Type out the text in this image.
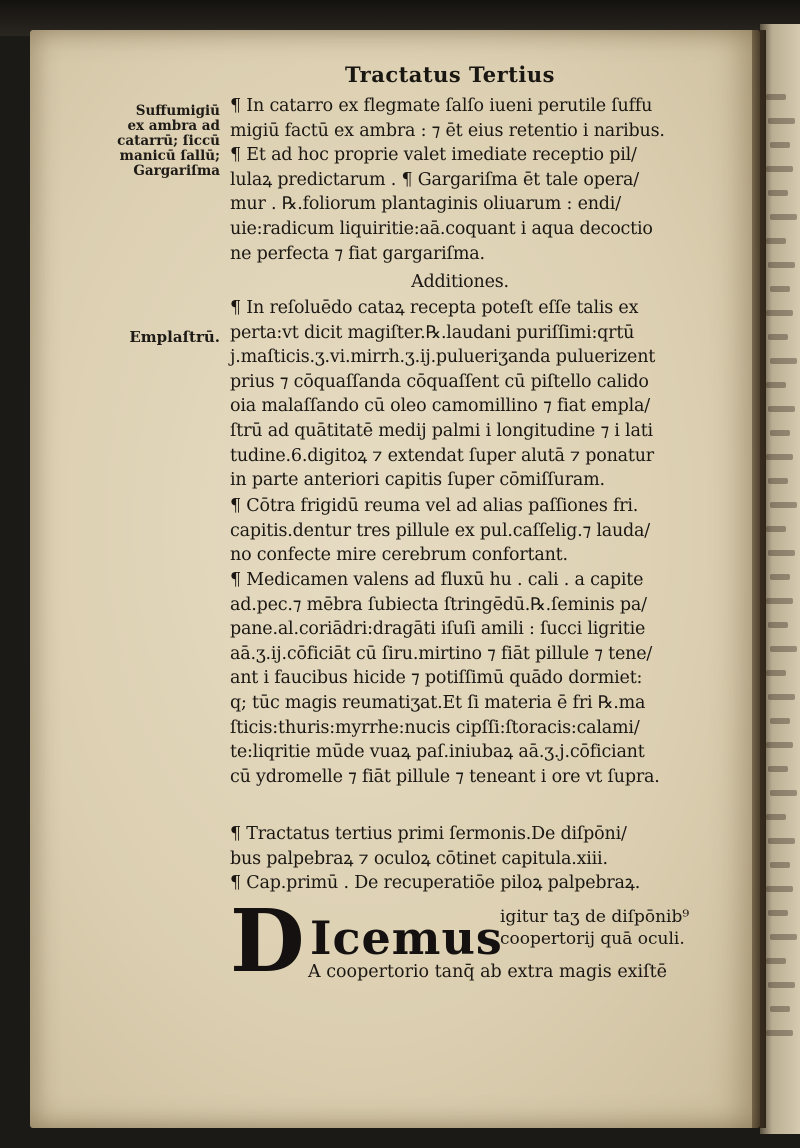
Tractatus Tertius
Suffumigiū
ex ambra ad
catarrū; ſiccū
manicū ſallū;
Gargariſma
Emplaſtrū.
¶ In catarro ex flegmate ſalſo iueni perutile ſuffu
migiū factū ex ambra : ⁊ ēt eius retentio i naribus.
¶ Et ad hoc proprie valet imediate receptio pil/
lulaꝝ predictarum . ¶ Gargariſma ēt tale opera/
mur . ℞.foliorum plantaginis oliuarum : endi/
uie:radicum liquiritie:aā.coquant i aqua decoctio
ne perfecta ⁊ fiat gargariſma.
Additiones.
¶ In reſoluēdo cataꝝ recepta poteſt eſſe talis ex
perta:vt dicit magiſter.℞.laudani puriſſimi:qrtū
j.maſticis.ʒ.vi.mirrh.ʒ.ij.pulueriʒanda puluerizent
prius ⁊ cōquaſſanda cōquaſſent cū piſtello calido
oia malaſſando cū oleo camomillino ⁊ fiat empla/
ſtrū ad quātitatē medij palmi i longitudine ⁊ i lati
tudine.6.digitoꝝ ⁊ extendat ſuper alutā ⁊ ponatur
in parte anteriori capitis ſuper cōmiſſuram.
¶ Cōtra frigidū reuma vel ad alias paſſiones fri.
capitis.dentur tres pillule ex pul.caſſelig.⁊ lauda/
no confecte mire cerebrum confortant.
¶ Medicamen valens ad fluxū hu . cali . a capite
ad.pec.⁊ mēbra ſubiecta ſtringēdū.℞.ſeminis pa/
pane.al.coriādri:dragāti iſuſi amili : ſucci ligritie
aā.ʒ.ij.cōficiāt cū ſiru.mirtino ⁊ fiāt pillule ⁊ tene/
ant i faucibus hicide ⁊ potiſſimū quādo dormiet:
q; tūc magis reumatiʒat.Et ſi materia ē fri ℞.ma
ſticis:thuris:myrrhe:nucis cipſſi:ſtoracis:calami/
te:liqritie mūde vuaꝝ paſ.iniubaꝝ aā.ʒ.j.cōficiant
cū ydromelle ⁊ fiāt pillule ⁊ teneant i ore vt ſupra.
¶ Tractatus tertius primi ſermonis.De diſpōni/
bus palpebraꝝ ⁊ oculoꝝ cōtinet capitula.xiii.
¶ Cap.primū . De recuperatiōe piloꝝ palpebraꝝ.
D Icemus
igitur taʒ de diſpōnib⁹
coopertorij quā oculi.
A coopertorio tanq̄ ab extra magis exiſtē
